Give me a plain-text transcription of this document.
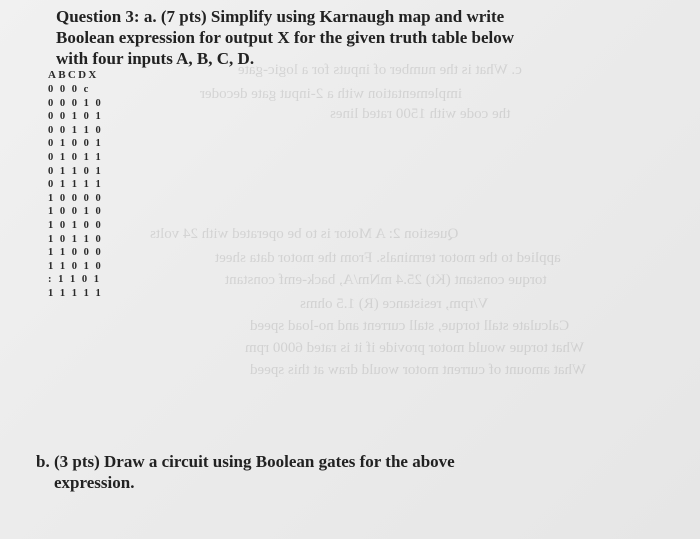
c. What is the number of inputs for a logic-gate
implementation with a 2-input gate decoder
the code with 1500 rated lines
Question 2: A Motor is to be operated with 24 volts
applied to the motor terminals. From the motor data sheet
torque constant (Kt) 25.4 mNm/A, back-emf constant
V/rpm, resistance (R) 1.5 ohms
Calculate stall torque, stall current and no-load speed
What torque would motor provide if it is rated 6000 rpm
What amount of current motor would draw at this speed
Question 3: a. (7 pts) Simplify using Karnaugh map and write
Boolean expression for output X for the given truth table below
with four inputs A, B, C, D.
ABCDX
0 0 0 c
0 0 0 1 0
0 0 1 0 1
0 0 1 1 0
0 1 0 0 1
0 1 0 1 1
0 1 1 0 1
0 1 1 1 1
1 0 0 0 0
1 0 0 1 0
1 0 1 0 0
1 0 1 1 0
1 1 0 0 0
1 1 0 1 0
: 1 1 0 1
1 1 1 1 1
b. (3 pts) Draw a circuit using Boolean gates for the above
expression.
